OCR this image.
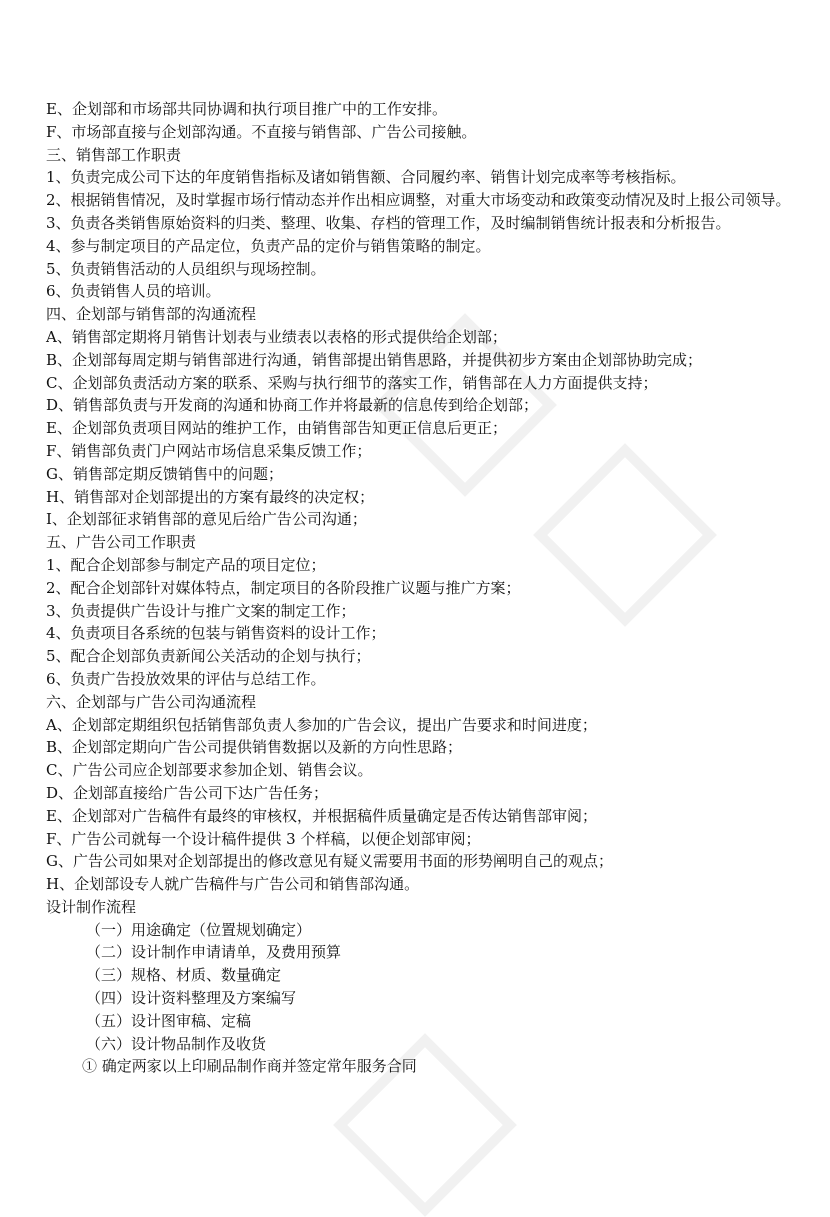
E、企划部和市场部共同协调和执行项目推广中的工作安排。
F、市场部直接与企划部沟通。不直接与销售部、广告公司接触。
三、销售部工作职责
1、负责完成公司下达的年度销售指标及诸如销售额、合同履约率、销售计划完成率等考核指标。
2、根据销售情况，及时掌握市场行情动态并作出相应调整，对重大市场变动和政策变动情况及时上报公司领导。
3、负责各类销售原始资料的归类、整理、收集、存档的管理工作，及时编制销售统计报表和分析报告。
4、参与制定项目的产品定位，负责产品的定价与销售策略的制定。
5、负责销售活动的人员组织与现场控制。
6、负责销售人员的培训。
四、企划部与销售部的沟通流程
A、销售部定期将月销售计划表与业绩表以表格的形式提供给企划部；
B、企划部每周定期与销售部进行沟通，销售部提出销售思路，并提供初步方案由企划部协助完成；
C、企划部负责活动方案的联系、采购与执行细节的落实工作，销售部在人力方面提供支持；
D、销售部负责与开发商的沟通和协商工作并将最新的信息传到给企划部；
E、企划部负责项目网站的维护工作，由销售部告知更正信息后更正；
F、销售部负责门户网站市场信息采集反馈工作；
G、销售部定期反馈销售中的问题；
H、销售部对企划部提出的方案有最终的决定权；
I、企划部征求销售部的意见后给广告公司沟通；
五、广告公司工作职责
1、配合企划部参与制定产品的项目定位；
2、配合企划部针对媒体特点，制定项目的各阶段推广议题与推广方案；
3、负责提供广告设计与推广文案的制定工作；
4、负责项目各系统的包装与销售资料的设计工作；
5、配合企划部负责新闻公关活动的企划与执行；
6、负责广告投放效果的评估与总结工作。
六、企划部与广告公司沟通流程
A、企划部定期组织包括销售部负责人参加的广告会议，提出广告要求和时间进度；
B、企划部定期向广告公司提供销售数据以及新的方向性思路；
C、广告公司应企划部要求参加企划、销售会议。
D、企划部直接给广告公司下达广告任务；
E、企划部对广告稿件有最终的审核权，并根据稿件质量确定是否传达销售部审阅；
F、广告公司就每一个设计稿件提供 3 个样稿，以便企划部审阅；
G、广告公司如果对企划部提出的修改意见有疑义需要用书面的形势阐明自己的观点；
H、企划部设专人就广告稿件与广告公司和销售部沟通。
设计制作流程
（一）用途确定（位置规划确定）
（二）设计制作申请请单，及费用预算
（三）规格、材质、数量确定
（四）设计资料整理及方案编写
（五）设计图审稿、定稿
（六）设计物品制作及收货
① 确定两家以上印刷品制作商并签定常年服务合同
